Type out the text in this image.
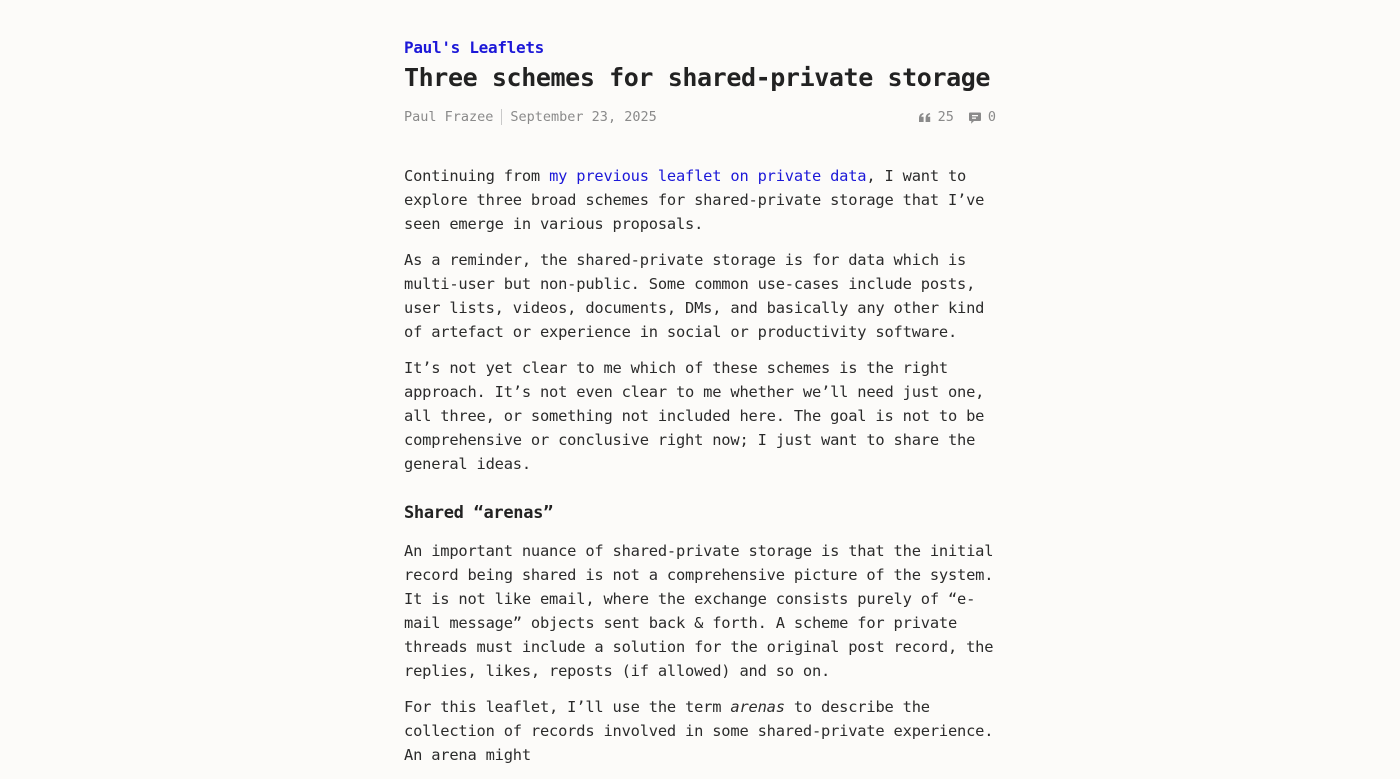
Paul's Leaflets
Three schemes for shared-private storage
Paul Frazee September 23, 2025	25	0

Continuing from my previous leaflet on private data, I want to explore three broad schemes for shared-private storage that I’ve seen emerge in various proposals.

As a reminder, the shared-private storage is for data which is multi-user but non-public. Some common use-cases include posts, user lists, videos, documents, DMs, and basically any other kind of artefact or experience in social or productivity software.

It’s not yet clear to me which of these schemes is the right approach. It’s not even clear to me whether we’ll need just one, all three, or something not included here. The goal is not to be comprehensive or conclusive right now; I just want to share the general ideas.

Shared “arenas”

An important nuance of shared-private storage is that the initial record being shared is not a comprehensive picture of the system. It is not like email, where the exchange consists purely of “e-mail message” objects sent back & forth. A scheme for private threads must include a solution for the original post record, the replies, likes, reposts (if allowed) and so on.

For this leaflet, I’ll use the term arenas to describe the collection of records involved in some shared-private experience. An arena might
